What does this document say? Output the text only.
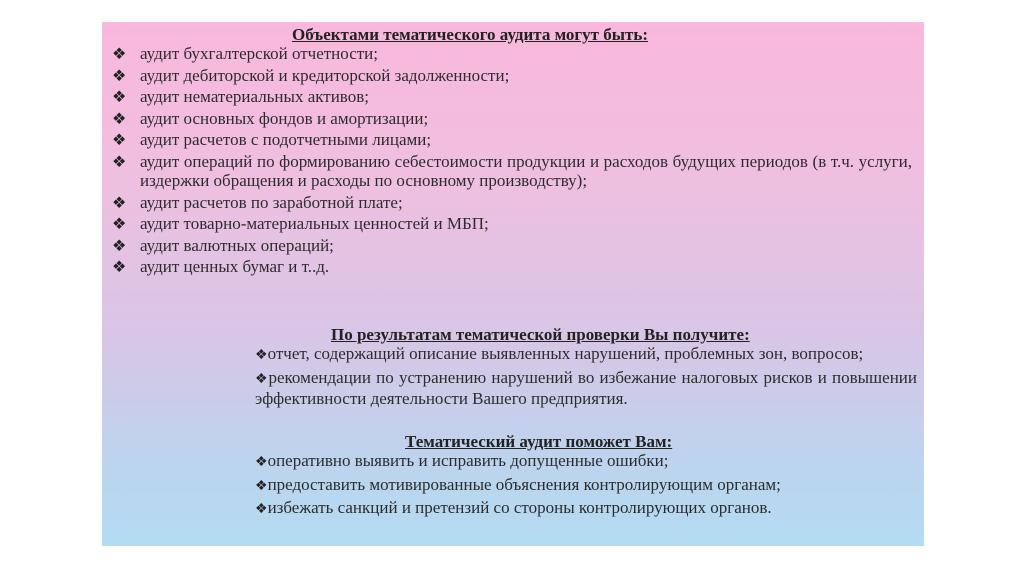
Объектами тематического аудита могут быть:
❖ аудит бухгалтерской отчетности;
❖ аудит дебиторской и кредиторской задолженности;
❖ аудит нематериальных активов;
❖ аудит основных фондов и амортизации;
❖ аудит расчетов с подотчетными лицами;
❖ аудит операций по формированию себестоимости продукции и расходов будущих периодов (в т.ч. услуги, издержки обращения и расходы по основному производству);
❖ аудит расчетов по заработной плате;
❖ аудит товарно-материальных ценностей и МБП;
❖ аудит валютных операций;
❖ аудит ценных бумаг и т..д.
По результатам тематической проверки Вы получите:
❖отчет, содержащий описание выявленных нарушений, проблемных зон, вопросов;
❖рекомендации по устранению нарушений во избежание налоговых рисков и повышении эффективности деятельности Вашего предприятия.
Тематический аудит поможет Вам:
❖оперативно выявить и исправить допущенные ошибки;
❖предоставить мотивированные объяснения контролирующим органам;
❖избежать санкций и претензий со стороны контролирующих органов.
